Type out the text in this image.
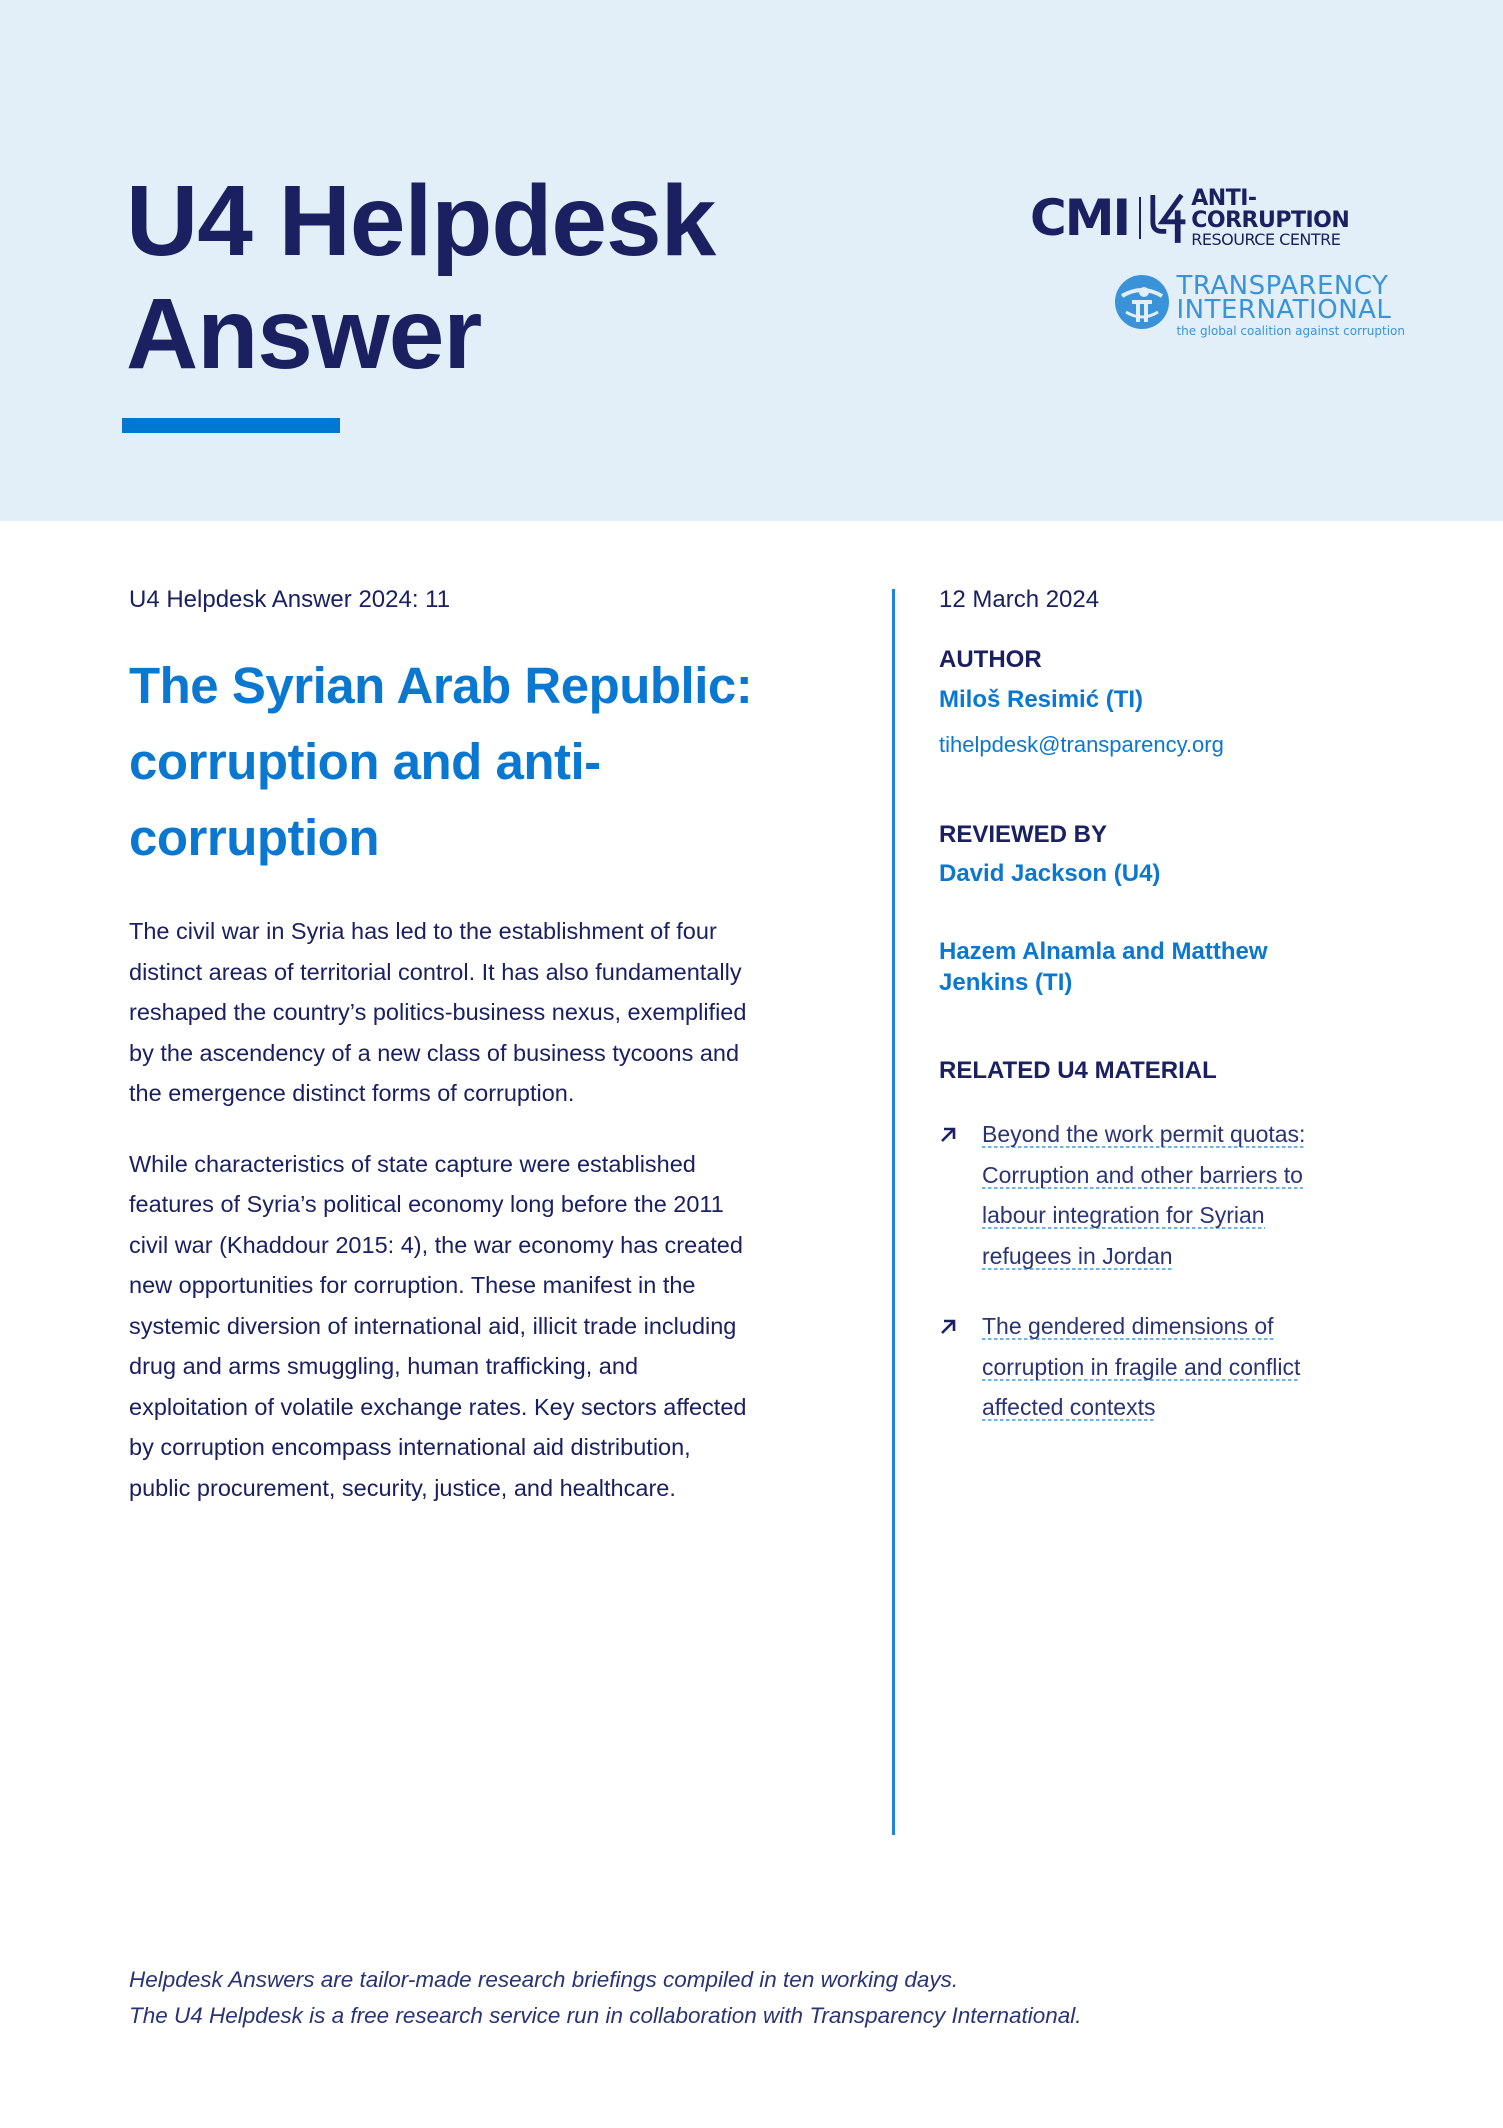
U4 Helpdesk
Answer
CMI	ANTI-CORRUPTION
RESOURCE CENTRE
TRANSPARENCY
INTERNATIONAL
the global coalition against corruption
U4 Helpdesk Answer 2024: 11
The Syrian Arab Republic:
corruption and anti-
corruption
The civil war in Syria has led to the establishment of four
distinct areas of territorial control. It has also fundamentally
reshaped the country’s politics-business nexus, exemplified
by the ascendency of a new class of business tycoons and
the emergence distinct forms of corruption.
While characteristics of state capture were established
features of Syria’s political economy long before the 2011
civil war (Khaddour 2015: 4), the war economy has created
new opportunities for corruption. These manifest in the
systemic diversion of international aid, illicit trade including
drug and arms smuggling, human trafficking, and
exploitation of volatile exchange rates. Key sectors affected
by corruption encompass international aid distribution,
public procurement, security, justice, and healthcare.
12 March 2024
AUTHOR
Miloš Resimić (TI)
tihelpdesk@transparency.org
REVIEWED BY
David Jackson (U4)
Hazem Alnamla and Matthew
Jenkins (TI)
RELATED U4 MATERIAL
Beyond the work permit quotas:
Corruption and other barriers to
labour integration for Syrian
refugees in Jordan
The gendered dimensions of
corruption in fragile and conflict
affected contexts
Helpdesk Answers are tailor-made research briefings compiled in ten working days.
The U4 Helpdesk is a free research service run in collaboration with Transparency International.
